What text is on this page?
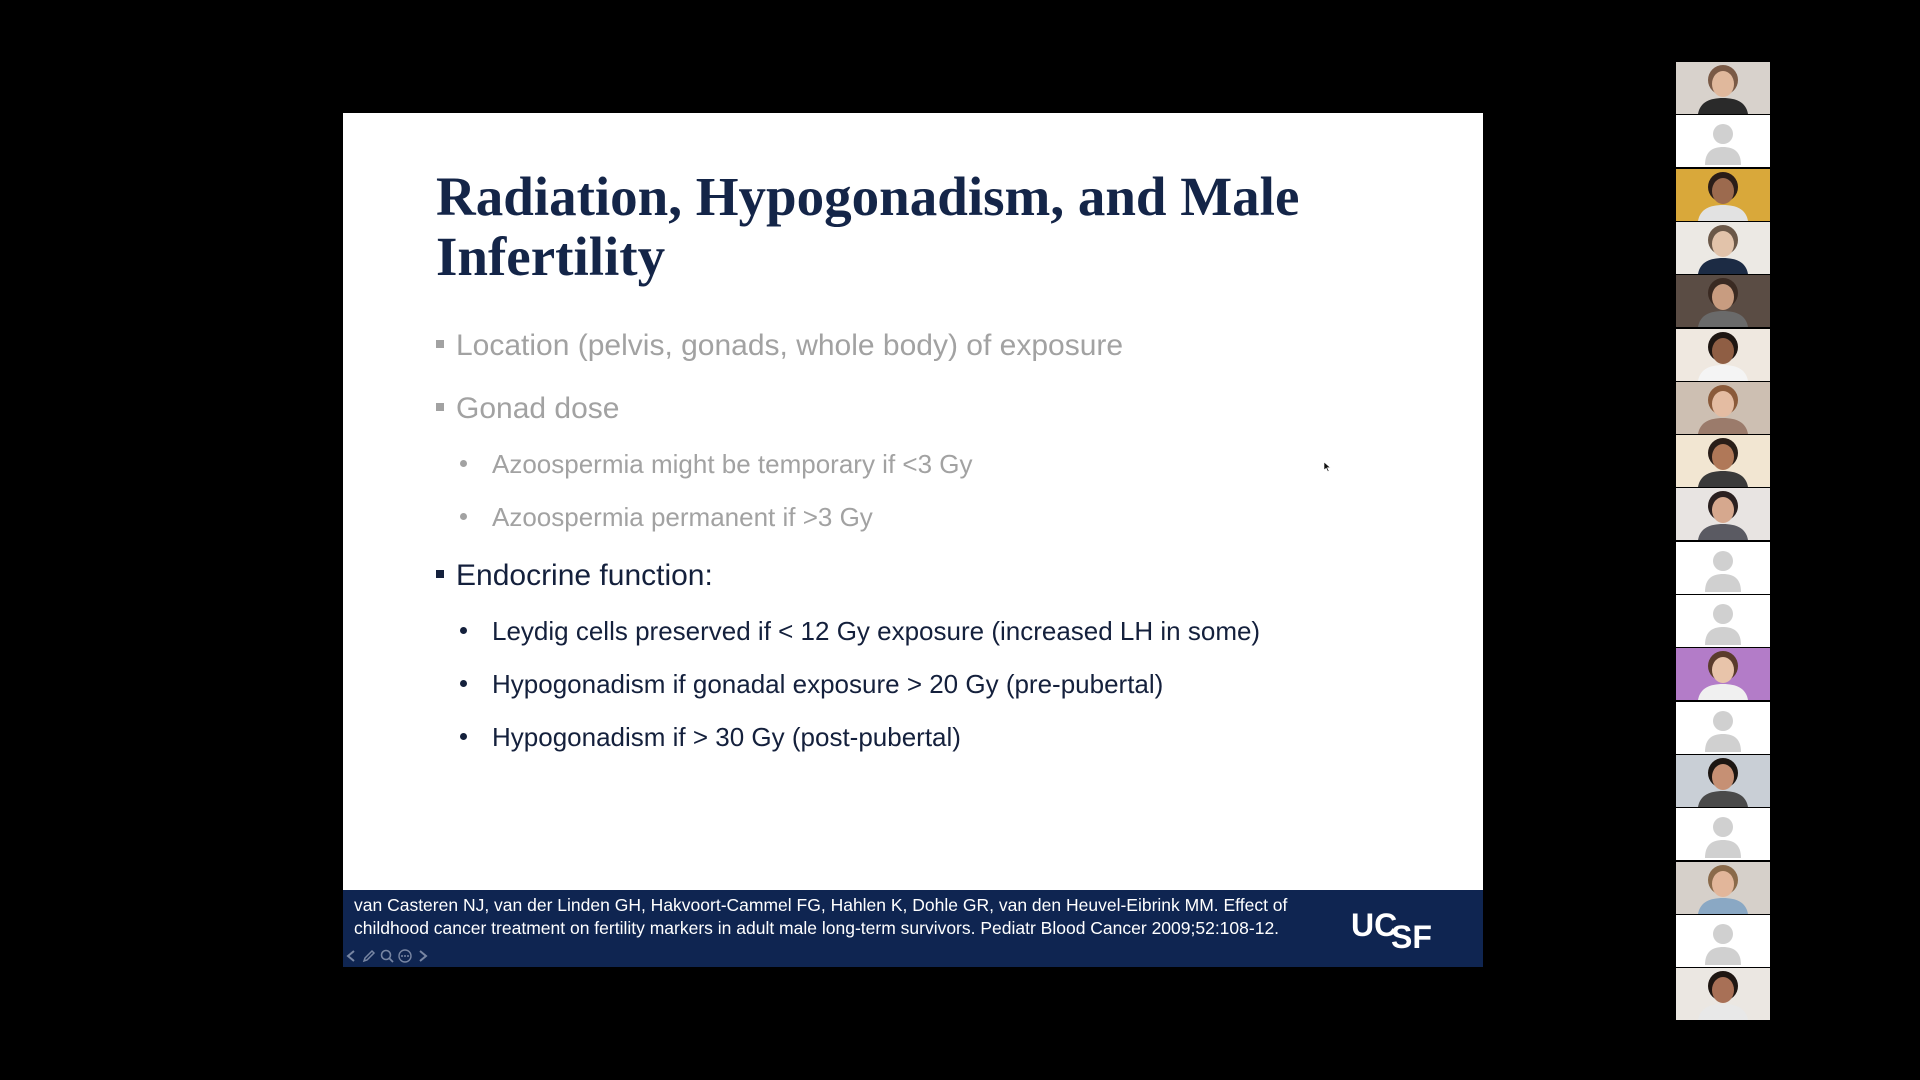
Radiation, Hypogonadism, and Male Infertility
Location (pelvis, gonads, whole body) of exposure
Gonad dose
Azoospermia might be temporary if <3 Gy
Azoospermia permanent if >3 Gy
Endocrine function:
Leydig cells preserved if < 12 Gy exposure (increased LH in some)
Hypogonadism if gonadal exposure > 20 Gy (pre-pubertal)
Hypogonadism if > 30 Gy (post-pubertal)

van Casteren NJ, van der Linden GH, Hakvoort-Cammel FG, Hahlen K, Dohle GR, van den Heuvel-Eibrink MM. Effect of childhood cancer treatment on fertility markers in adult male long-term survivors. Pediatr Blood Cancer 2009;52:108-12.	UC
SF
